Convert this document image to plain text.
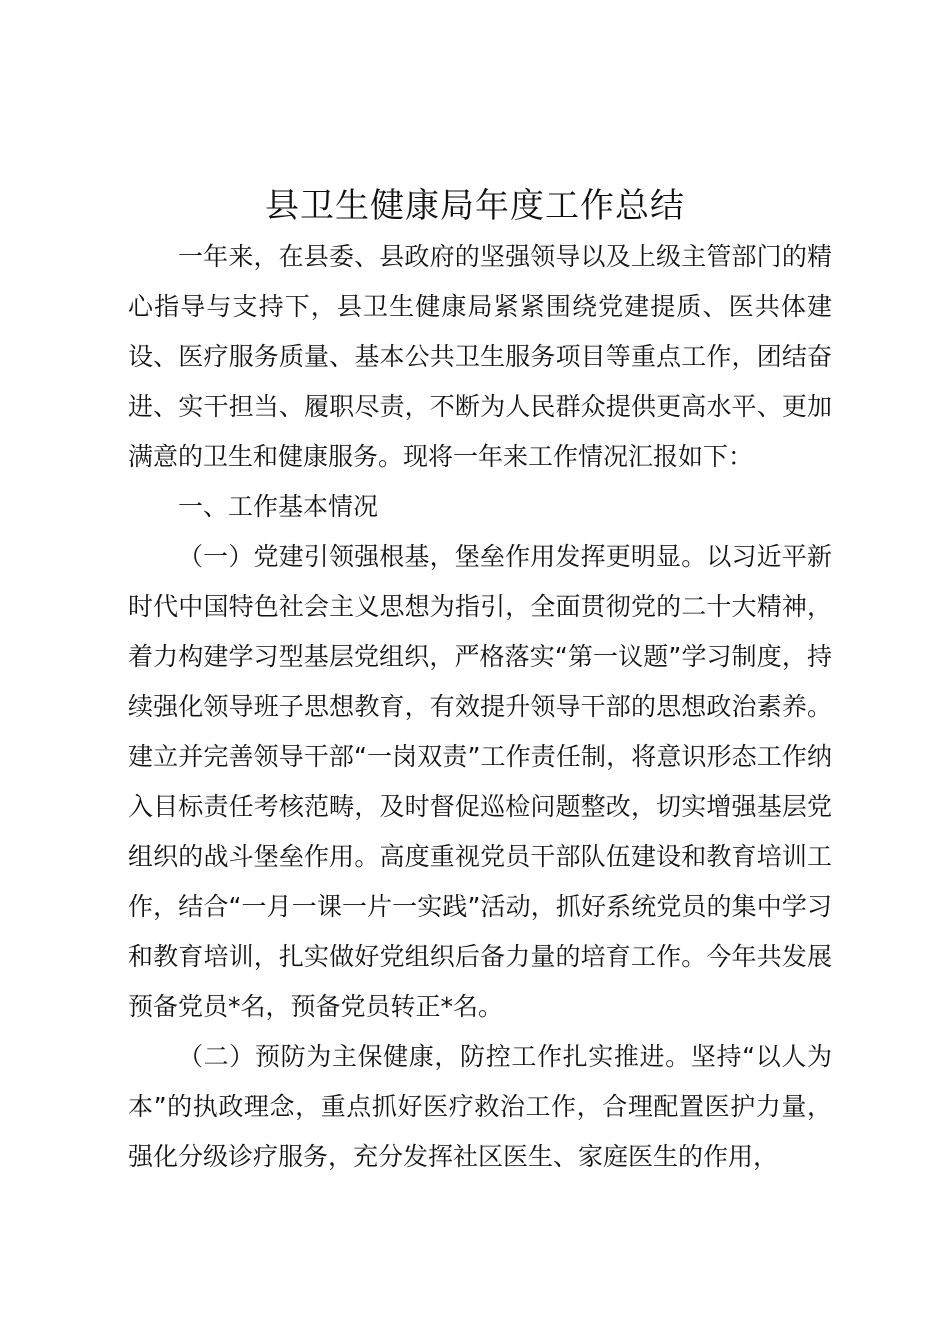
县卫生健康局年度工作总结

一年来，在县委、县政府的坚强领导以及上级主管部门的精心指导与支持下，县卫生健康局紧紧围绕党建提质、医共体建设、医疗服务质量、基本公共卫生服务项目等重点工作，团结奋进、实干担当、履职尽责，不断为人民群众提供更高水平、更加满意的卫生和健康服务。现将一年来工作情况汇报如下：

一、工作基本情况

（一）党建引领强根基，堡垒作用发挥更明显。以习近平新时代中国特色社会主义思想为指引，全面贯彻党的二十大精神，着力构建学习型基层党组织，严格落实“第一议题”学习制度，持续强化领导班子思想教育，有效提升领导干部的思想政治素养。建立并完善领导干部“一岗双责”工作责任制，将意识形态工作纳入目标责任考核范畴，及时督促巡检问题整改，切实增强基层党组织的战斗堡垒作用。高度重视党员干部队伍建设和教育培训工作，结合“一月一课一片一实践”活动，抓好系统党员的集中学习和教育培训，扎实做好党组织后备力量的培育工作。今年共发展预备党员*名，预备党员转正*名。

（二）预防为主保健康，防控工作扎实推进。坚持“以人为本”的执政理念，重点抓好医疗救治工作，合理配置医护力量，强化分级诊疗服务，充分发挥社区医生、家庭医生的作用，
